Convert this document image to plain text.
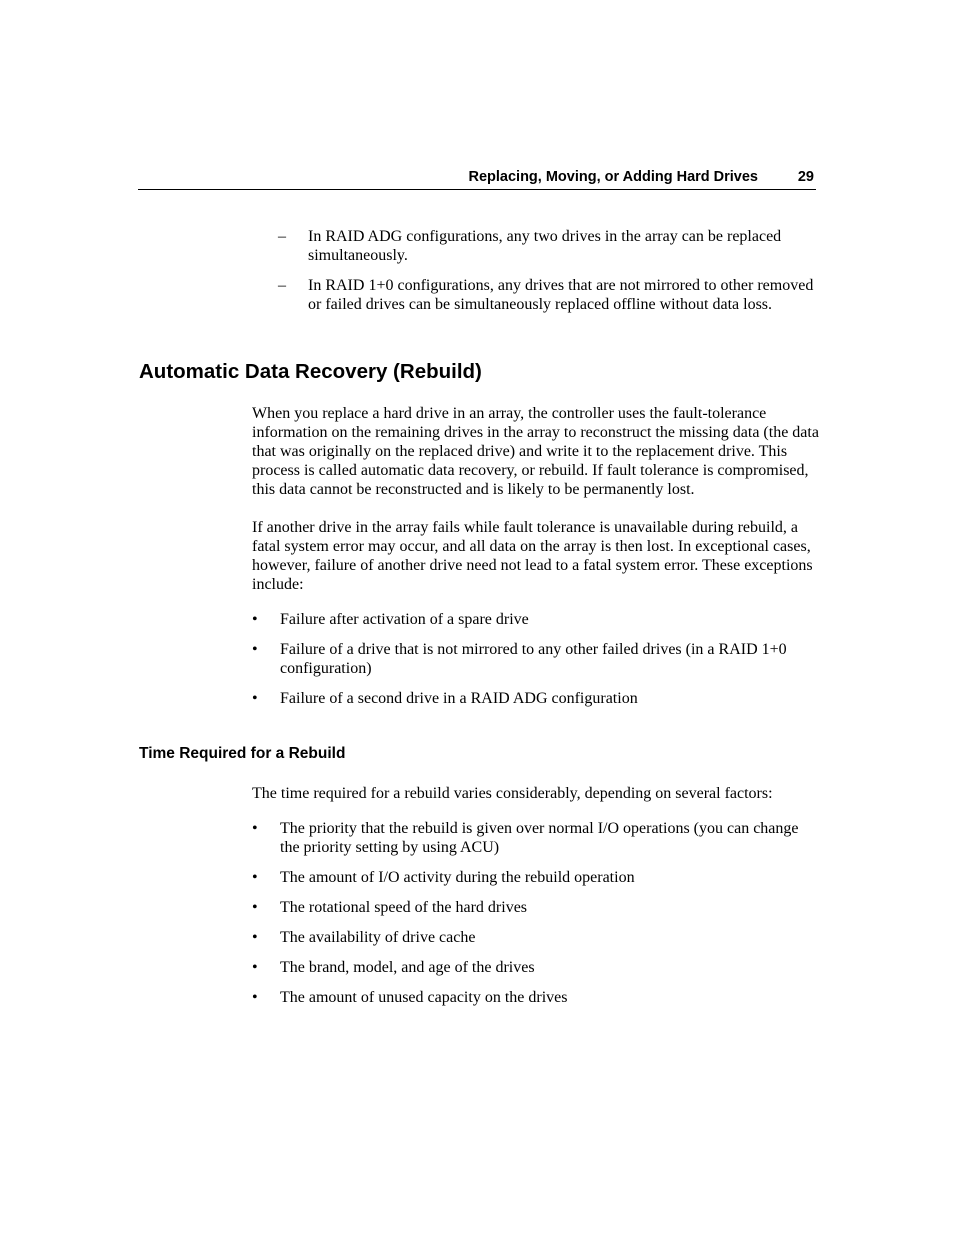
Replacing, Moving, or Adding Hard Drives	29
– In RAID ADG configurations, any two drives in the array can be replaced simultaneously.
– In RAID 1+0 configurations, any drives that are not mirrored to other removed or failed drives can be simultaneously replaced offline without data loss.
Automatic Data Recovery (Rebuild)

When you replace a hard drive in an array, the controller uses the fault-tolerance information on the remaining drives in the array to reconstruct the missing data (the data that was originally on the replaced drive) and write it to the replacement drive. This process is called automatic data recovery, or rebuild. If fault tolerance is compromised, this data cannot be reconstructed and is likely to be permanently lost.

If another drive in the array fails while fault tolerance is unavailable during rebuild, a fatal system error may occur, and all data on the array is then lost. In exceptional cases, however, failure of another drive need not lead to a fatal system error. These exceptions include:

• Failure after activation of a spare drive
• Failure of a drive that is not mirrored to any other failed drives (in a RAID 1+0 configuration)
• Failure of a second drive in a RAID ADG configuration
Time Required for a Rebuild

The time required for a rebuild varies considerably, depending on several factors:

• The priority that the rebuild is given over normal I/O operations (you can change the priority setting by using ACU)
• The amount of I/O activity during the rebuild operation
• The rotational speed of the hard drives
• The availability of drive cache
• The brand, model, and age of the drives
• The amount of unused capacity on the drives
